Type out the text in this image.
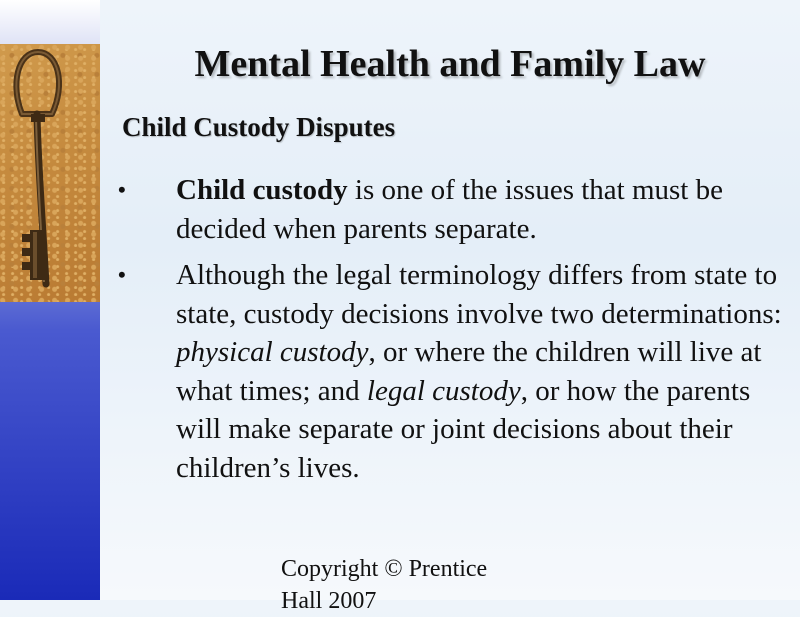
Mental Health and Family Law
Child Custody Disputes
• Child custody is one of the issues that must be decided when parents separate.
• Although the legal terminology differs from state to state, custody decisions involve two determinations: physical custody, or where the children will live at what times; and legal custody, or how the parents will make separate or joint decisions about their children’s lives.
Copyright © Prentice Hall 2007
